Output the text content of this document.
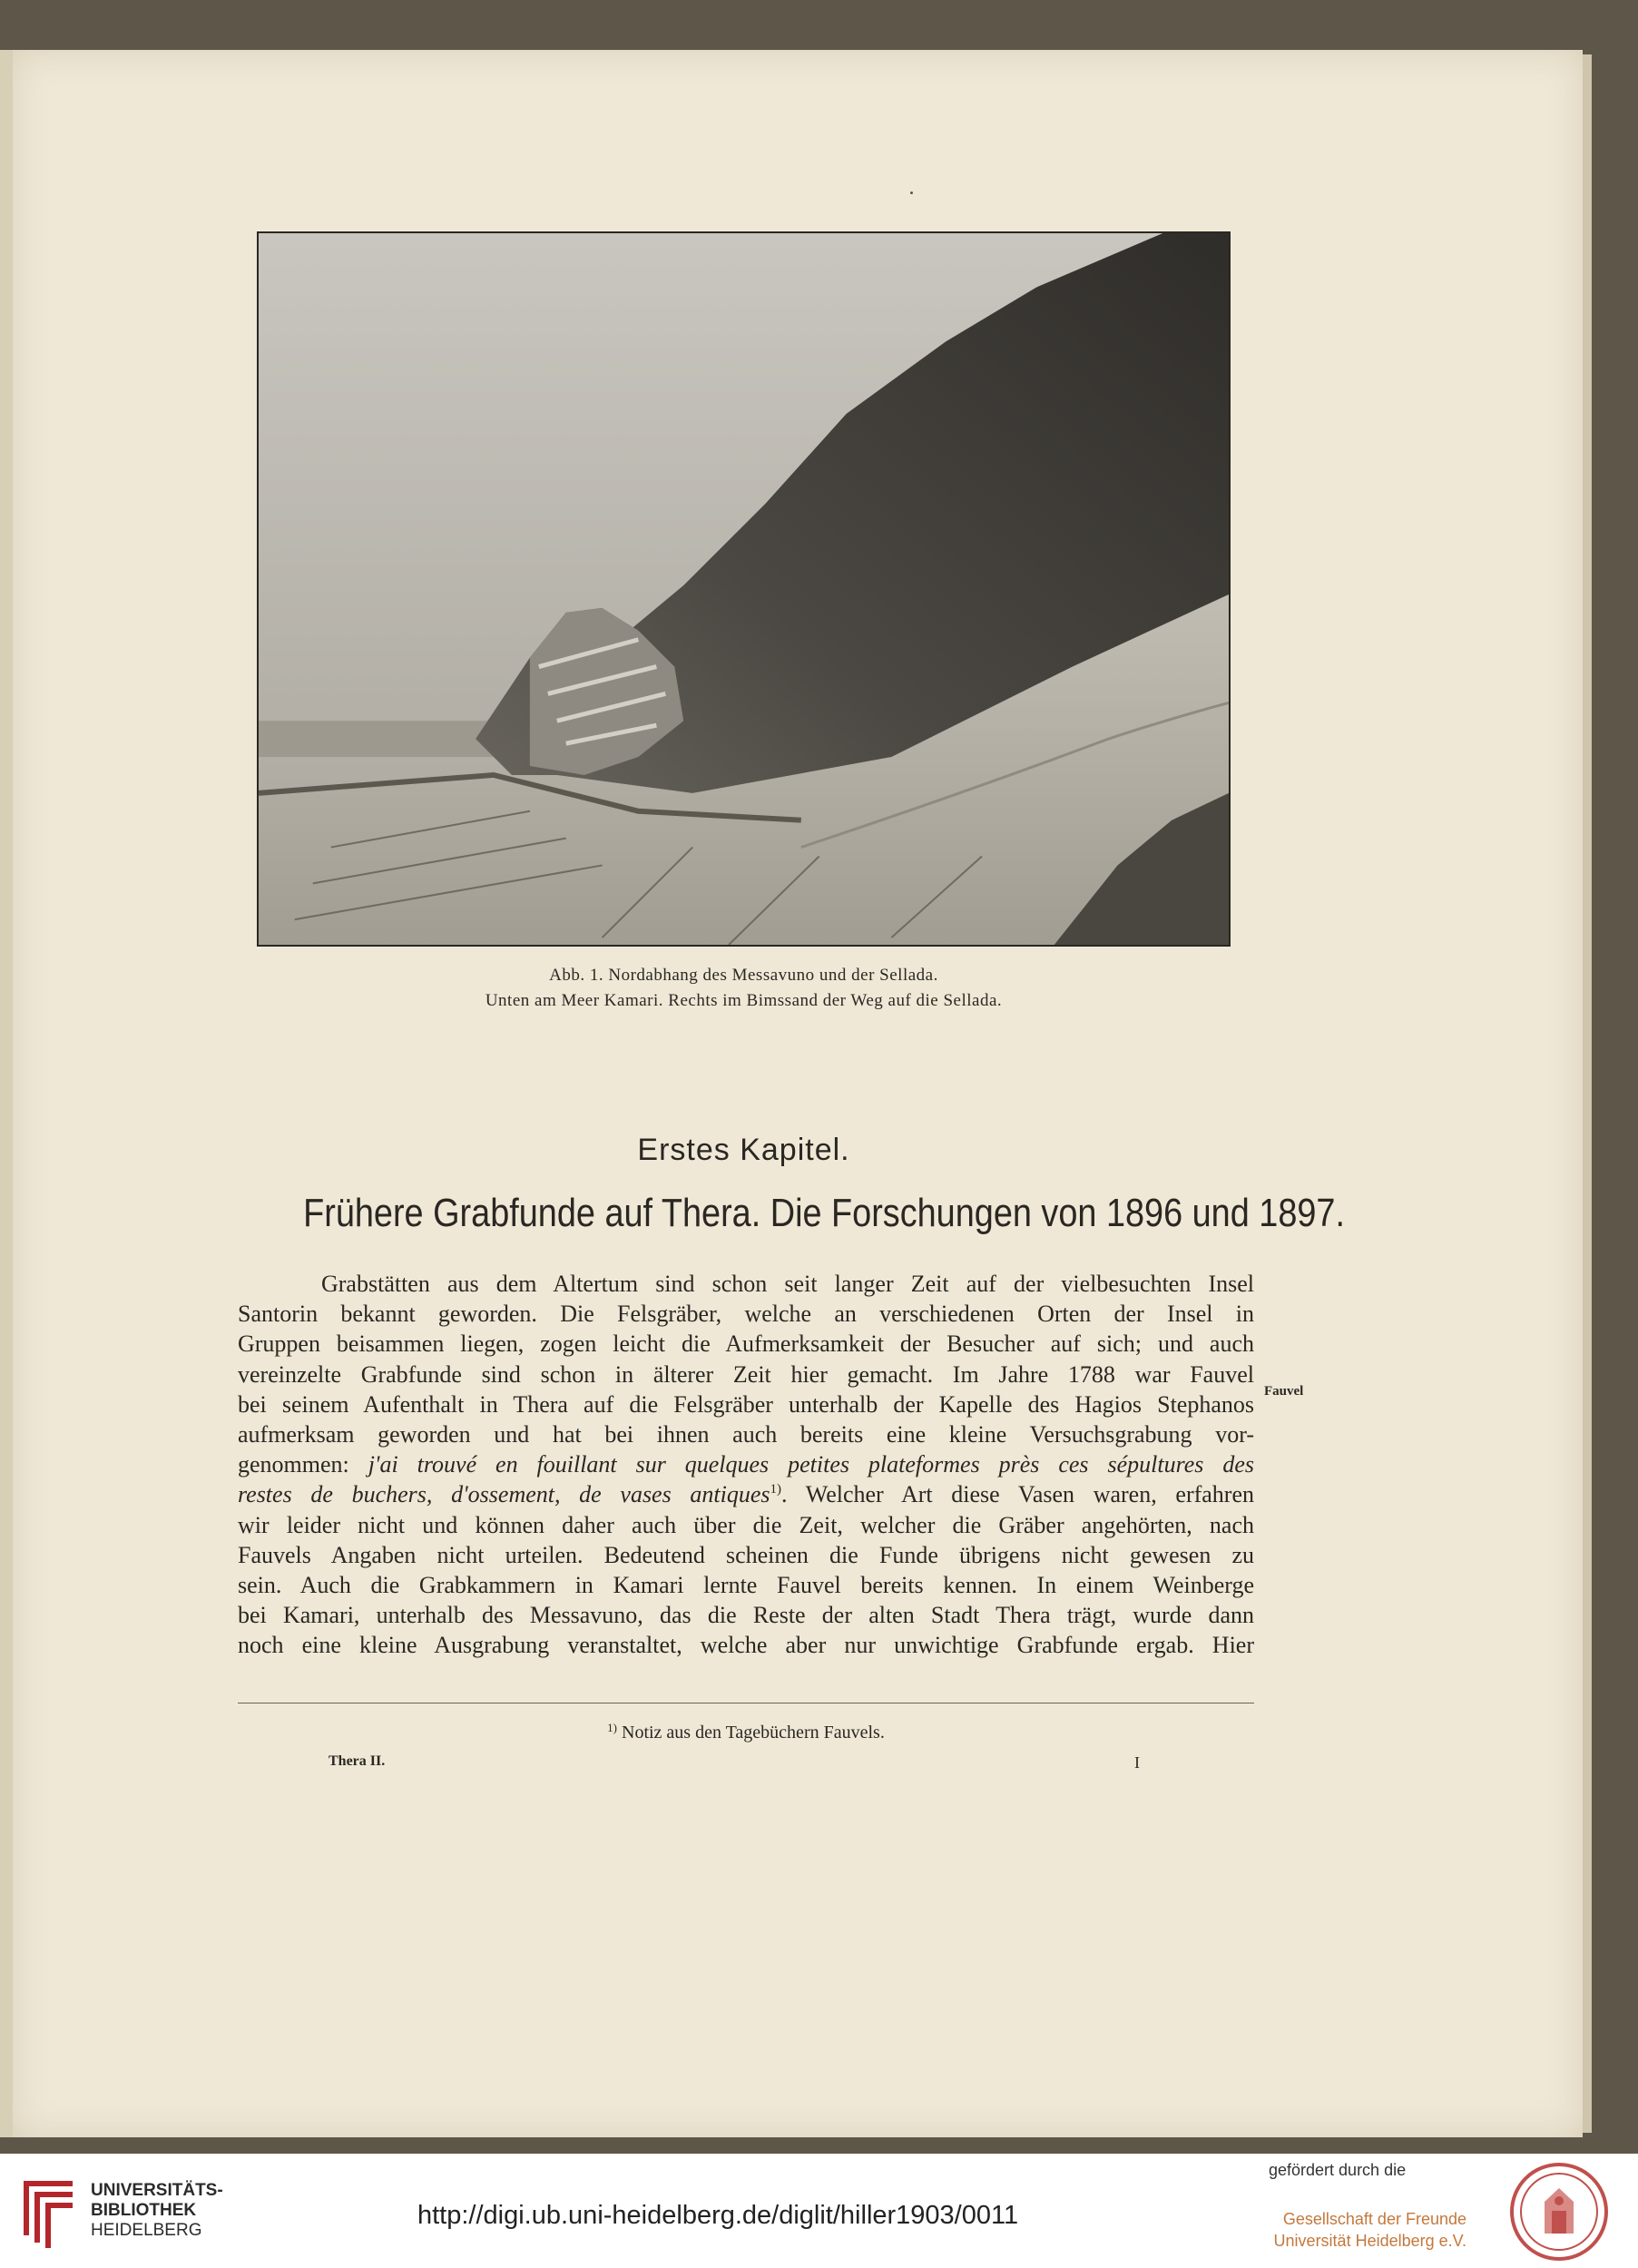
Abb. 1. Nordabhang des Messavuno und der Sellada.
Unten am Meer Kamari. Rechts im Bimssand der Weg auf die Sellada.
Erstes Kapitel.
Frühere Grabfunde auf Thera. Die Forschungen von 1896 und 1897.
Grabstätten aus dem Altertum sind schon seit langer Zeit auf der vielbesuchten Insel
Santorin bekannt geworden. Die Felsgräber, welche an verschiedenen Orten der Insel in
Gruppen beisammen liegen, zogen leicht die Aufmerksamkeit der Besucher auf sich; und auch
vereinzelte Grabfunde sind schon in älterer Zeit hier gemacht. Im Jahre 1788 war Fauvel
bei seinem Aufenthalt in Thera auf die Felsgräber unterhalb der Kapelle des Hagios Stephanos
aufmerksam geworden und hat bei ihnen auch bereits eine kleine Versuchsgrabung vor-
genommen: j'ai trouvé en fouillant sur quelques petites plateformes près ces sépultures des
restes de buchers, d'ossement, de vases antiques$^{1)}$. Welcher Art diese Vasen waren, erfahren
wir leider nicht und können daher auch über die Zeit, welcher die Gräber angehörten, nach
Fauvels Angaben nicht urteilen. Bedeutend scheinen die Funde übrigens nicht gewesen zu
sein. Auch die Grabkammern in Kamari lernte Fauvel bereits kennen. In einem Weinberge
bei Kamari, unterhalb des Messavuno, das die Reste der alten Stadt Thera trägt, wurde dann
noch eine kleine Ausgrabung veranstaltet, welche aber nur unwichtige Grabfunde ergab. Hier
Fauvel
$^{1)}$ Notiz aus den Tagebüchern Fauvels.
Thera II.	I
UNIVERSITÄTS-
BIBLIOTHEK
HEIDELBERG
http://digi.ub.uni-heidelberg.de/diglit/hiller1903/0011
gefördert durch die
Gesellschaft der Freunde
Universität Heidelberg e.V.
